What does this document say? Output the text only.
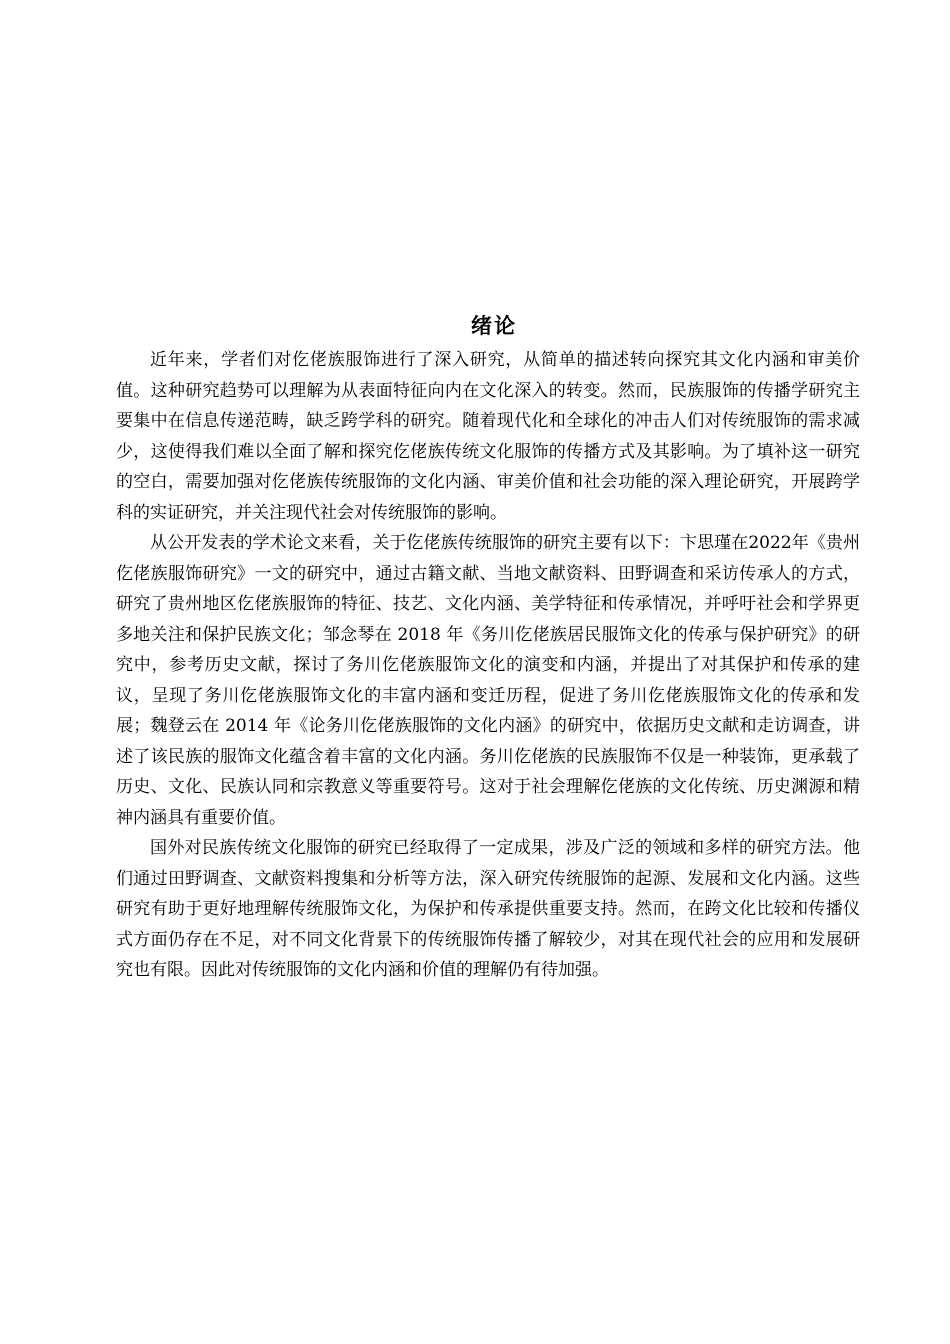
绪论

近年来，学者们对仡佬族服饰进行了深入研究，从简单的描述转向探究其文化内涵和审美价值。这种研究趋势可以理解为从表面特征向内在文化深入的转变。然而，民族服饰的传播学研究主要集中在信息传递范畴，缺乏跨学科的研究。随着现代化和全球化的冲击人们对传统服饰的需求减少，这使得我们难以全面了解和探究仡佬族传统文化服饰的传播方式及其影响。为了填补这一研究的空白，需要加强对仡佬族传统服饰的文化内涵、审美价值和社会功能的深入理论研究，开展跨学科的实证研究，并关注现代社会对传统服饰的影响。

从公开发表的学术论文来看，关于仡佬族传统服饰的研究主要有以下：卞思瑾在2022年《贵州仡佬族服饰研究》一文的研究中，通过古籍文献、当地文献资料、田野调查和采访传承人的方式，研究了贵州地区仡佬族服饰的特征、技艺、文化内涵、美学特征和传承情况，并呼吁社会和学界更多地关注和保护民族文化；邹念琴在 2018 年《务川仡佬族居民服饰文化的传承与保护研究》的研究中，参考历史文献，探讨了务川仡佬族服饰文化的演变和内涵，并提出了对其保护和传承的建议，呈现了务川仡佬族服饰文化的丰富内涵和变迁历程，促进了务川仡佬族服饰文化的传承和发展；魏登云在 2014 年《论务川仡佬族服饰的文化内涵》的研究中，依据历史文献和走访调查，讲述了该民族的服饰文化蕴含着丰富的文化内涵。务川仡佬族的民族服饰不仅是一种装饰，更承载了历史、文化、民族认同和宗教意义等重要符号。这对于社会理解仡佬族的文化传统、历史渊源和精神内涵具有重要价值。

国外对民族传统文化服饰的研究已经取得了一定成果，涉及广泛的领域和多样的研究方法。他们通过田野调查、文献资料搜集和分析等方法，深入研究传统服饰的起源、发展和文化内涵。这些研究有助于更好地理解传统服饰文化，为保护和传承提供重要支持。然而，在跨文化比较和传播仪式方面仍存在不足，对不同文化背景下的传统服饰传播了解较少，对其在现代社会的应用和发展研究也有限。因此对传统服饰的文化内涵和价值的理解仍有待加强。
